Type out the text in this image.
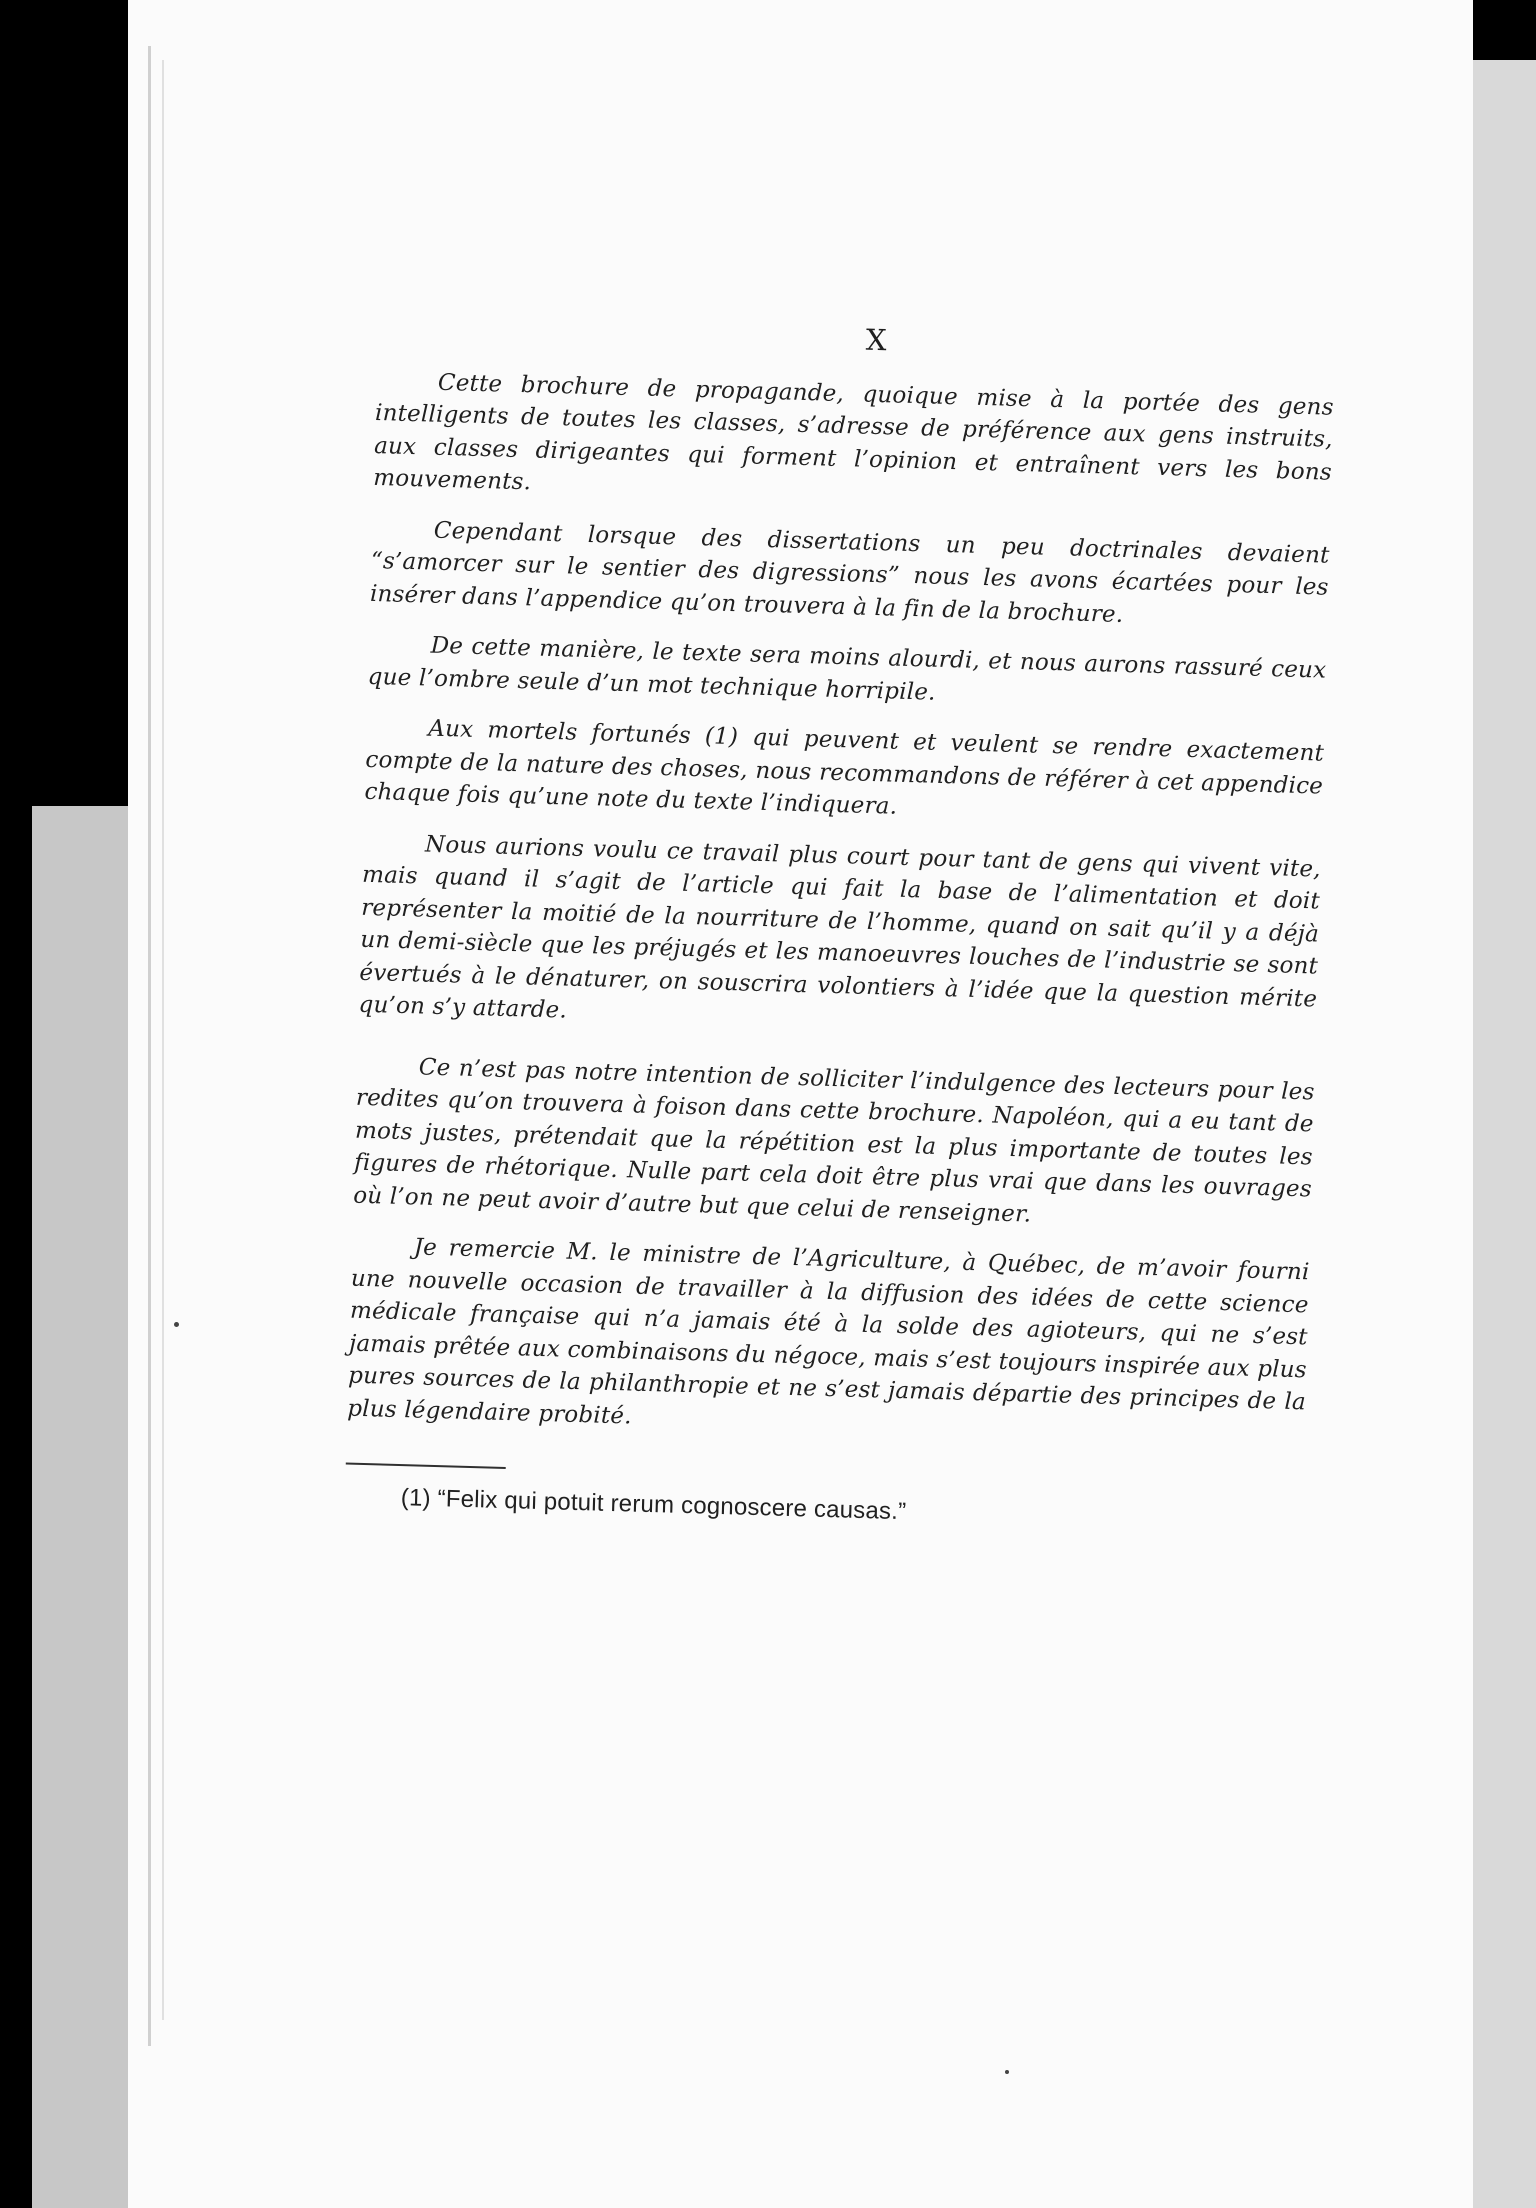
X

Cette brochure de propagande, quoique mise à la portée des gens intelligents de toutes les classes, s’adresse de préférence aux gens instruits, aux classes dirigeantes qui forment l’opinion et entraînent vers les bons mouvements.

Cependant lorsque des dissertations un peu doctrinales devaient “s’amorcer sur le sentier des digressions” nous les avons écartées pour les insérer dans l’appendice qu’on trouvera à la fin de la brochure.

De cette manière, le texte sera moins alourdi, et nous aurons rassuré ceux que l’ombre seule d’un mot technique horripile.

Aux mortels fortunés (1) qui peuvent et veulent se rendre exactement compte de la nature des choses, nous recommandons de référer à cet appendice chaque fois qu’une note du texte l’indiquera.

Nous aurions voulu ce travail plus court pour tant de gens qui vivent vite, mais quand il s’agit de l’article qui fait la base de l’alimentation et doit représenter la moitié de la nourriture de l’homme, quand on sait qu’il y a déjà un demi-siècle que les préjugés et les manoeuvres louches de l’industrie se sont évertués à le dénaturer, on souscrira volontiers à l’idée que la question mérite qu’on s’y attarde.

Ce n’est pas notre intention de solliciter l’indulgence des lecteurs pour les redites qu’on trouvera à foison dans cette brochure. Napoléon, qui a eu tant de mots justes, prétendait que la répétition est la plus importante de toutes les figures de rhétorique. Nulle part cela doit être plus vrai que dans les ouvrages où l’on ne peut avoir d’autre but que celui de renseigner.

Je remercie M. le ministre de l’Agriculture, à Québec, de m’avoir fourni une nouvelle occasion de travailler à la diffusion des idées de cette science médicale française qui n’a jamais été à la solde des agioteurs, qui ne s’est jamais prêtée aux combinaisons du négoce, mais s’est toujours inspirée aux plus pures sources de la philanthropie et ne s’est jamais départie des principes de la plus légendaire probité.

(1) “Felix qui potuit rerum cognoscere causas.”
